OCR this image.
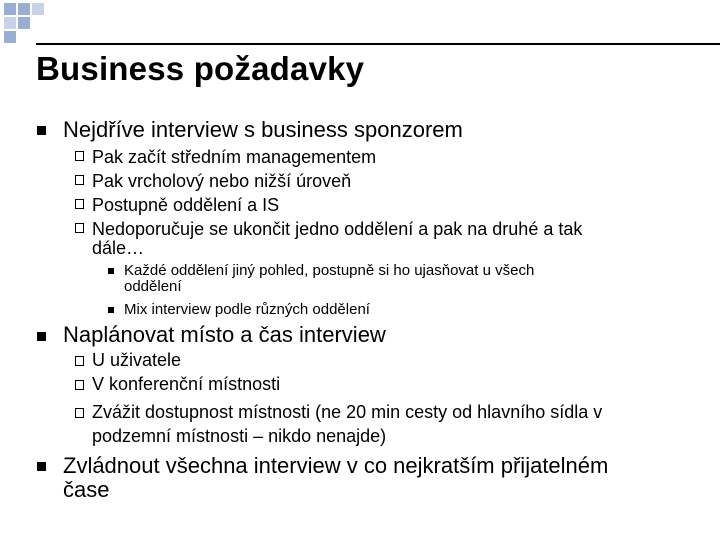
Business požadavky
Nejdříve interview s business sponzorem
Pak začít středním managementem
Pak vrcholový nebo nižší úroveň
Postupně oddělení a IS
Nedoporučuje se ukončit jedno oddělení a pak na druhé a tak
dále…
Každé oddělení jiný pohled, postupně si ho ujasňovat u všech
oddělení
Mix interview podle různých oddělení
Naplánovat místo a čas interview
U uživatele
V konferenční místnosti
Zvážit dostupnost místnosti (ne 20 min cesty od hlavního sídla v
podzemní místnosti – nikdo nenajde)
Zvládnout všechna interview v co nejkratším přijatelném
čase
